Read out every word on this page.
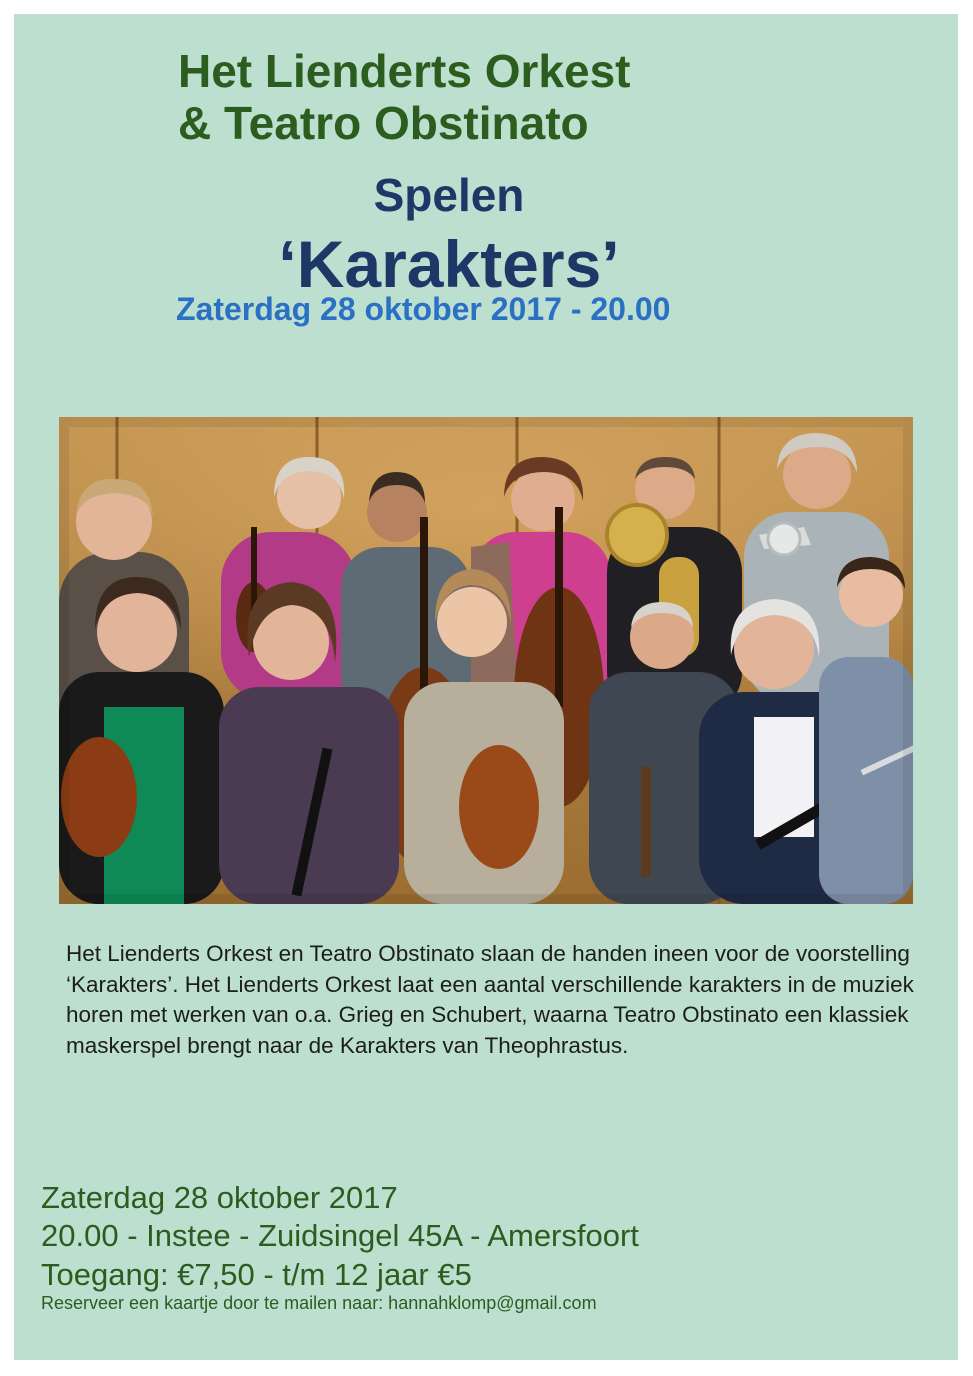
Het Lienderts Orkest
& Teatro Obstinato
Spelen
‘Karakters’

Zaterdag 28 oktober 2017 - 20.00

Het Lienderts Orkest en Teatro Obstinato slaan de handen ineen voor de voorstelling ‘Karakters’. Het Lienderts Orkest laat een aantal verschillende karakters in de muziek horen met werken van o.a. Grieg en Schubert, waarna Teatro Obstinato een klassiek maskerspel brengt naar de Karakters van Theophrastus.

Zaterdag 28 oktober 2017

20.00 - Instee - Zuidsingel 45A - Amersfoort

Toegang: €7,50 - t/m 12 jaar €5

Reserveer een kaartje door te mailen naar: hannahklomp@gmail.com
